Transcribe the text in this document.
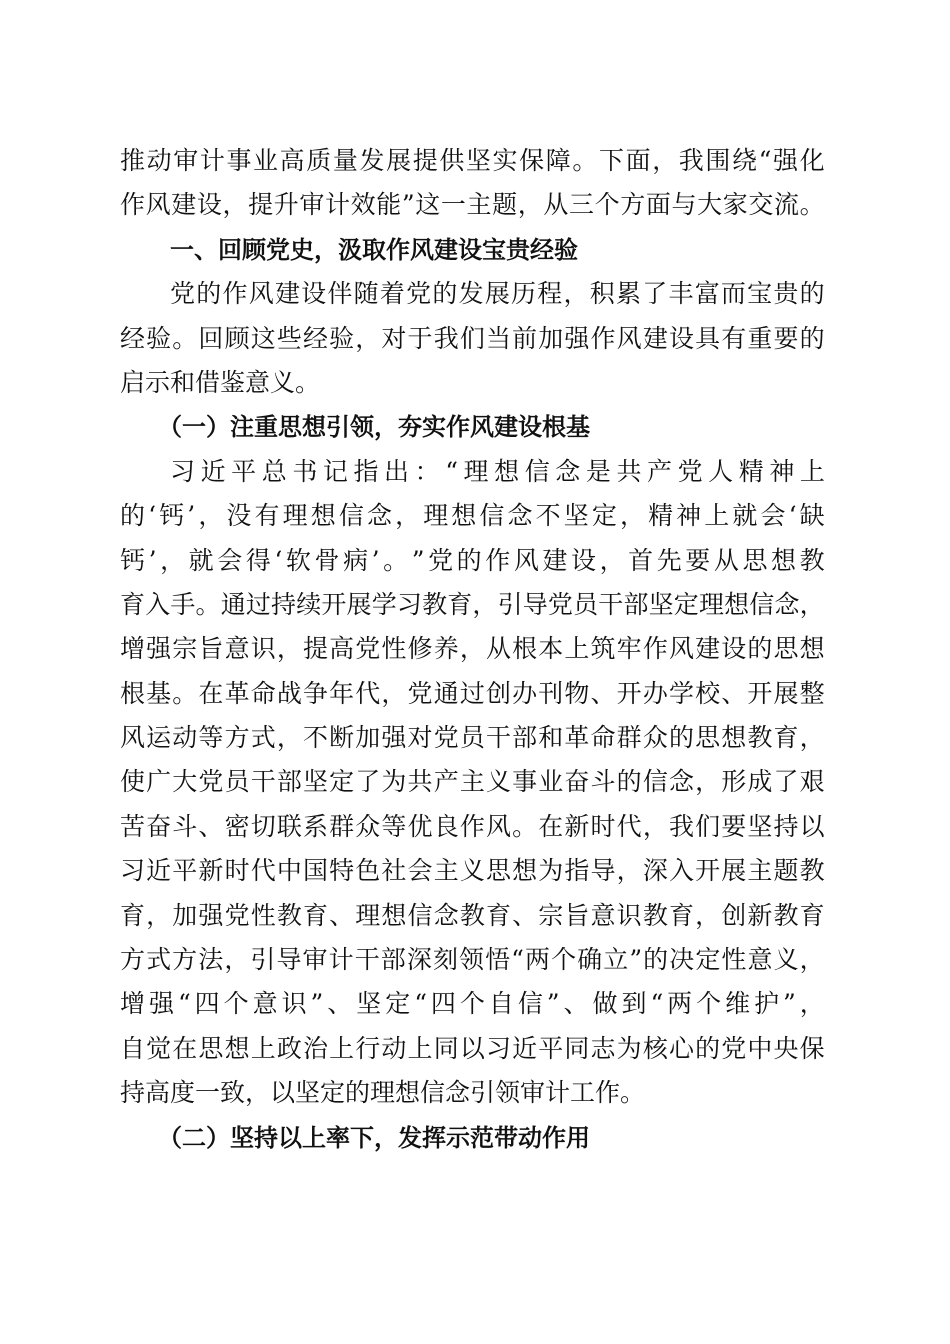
推 动 审 计 事 业 高 质 量 发 展 提 供 坚 实 保 障 。 下 面 ， 我 围 绕 “ 强 化
作 风 建 设 ， 提 升 审 计 效 能 ” 这 一 主 题 ， 从 三 个 方 面 与 大 家 交 流 。
一、回顾党史，汲取作风建设宝贵经验
党 的 作 风 建 设 伴 随 着 党 的 发 展 历 程 ， 积 累 了 丰 富 而 宝 贵 的
经 验 。 回 顾 这 些 经 验 ， 对 于 我 们 当 前 加 强 作 风 建 设 具 有 重 要 的
启示和借鉴意义。
（一）注重思想引领，夯实作风建设根基
习 近 平 总 书 记 指 出 ： “ 理 想 信 念 是 共 产 党 人 精 神 上
的 ‘ 钙 ’ ， 没 有 理 想 信 念 ， 理 想 信 念 不 坚 定 ， 精 神 上 就 会 ‘ 缺
钙 ’ ， 就 会 得 ‘ 软 骨 病 ’ 。 ” 党 的 作 风 建 设 ， 首 先 要 从 思 想 教
育 入 手 。 通 过 持 续 开 展 学 习 教 育 ， 引 导 党 员 干 部 坚 定 理 想 信 念 ，
增 强 宗 旨 意 识 ， 提 高 党 性 修 养 ， 从 根 本 上 筑 牢 作 风 建 设 的 思 想
根 基 。 在 革 命 战 争 年 代 ， 党 通 过 创 办 刊 物 、 开 办 学 校 、 开 展 整
风 运 动 等 方 式 ， 不 断 加 强 对 党 员 干 部 和 革 命 群 众 的 思 想 教 育 ，
使 广 大 党 员 干 部 坚 定 了 为 共 产 主 义 事 业 奋 斗 的 信 念 ， 形 成 了 艰
苦 奋 斗 、 密 切 联 系 群 众 等 优 良 作 风 。 在 新 时 代 ， 我 们 要 坚 持 以
习 近 平 新 时 代 中 国 特 色 社 会 主 义 思 想 为 指 导 ， 深 入 开 展 主 题 教
育 ， 加 强 党 性 教 育 、 理 想 信 念 教 育 、 宗 旨 意 识 教 育 ， 创 新 教 育
方 式 方 法 ， 引 导 审 计 干 部 深 刻 领 悟 “ 两 个 确 立 ” 的 决 定 性 意 义 ，
增 强 “ 四 个 意 识 ” 、 坚 定 “ 四 个 自 信 ” 、 做 到 “ 两 个 维 护 ” ，
自 觉 在 思 想 上 政 治 上 行 动 上 同 以 习 近 平 同 志 为 核 心 的 党 中 央 保
持高度一致，以坚定的理想信念引领审计工作。
（二）坚持以上率下，发挥示范带动作用
